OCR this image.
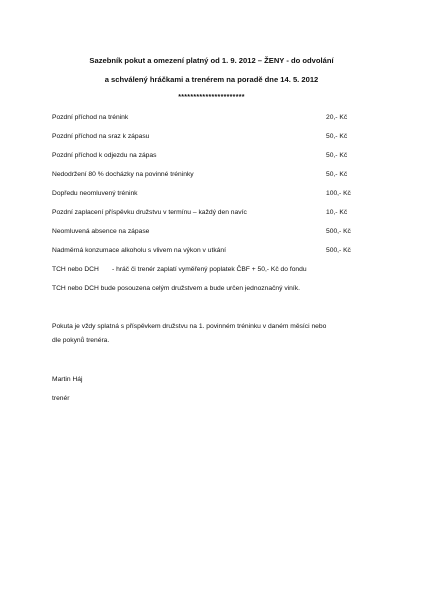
Sazebník pokut a omezení platný od 1. 9. 2012 – ŽENY - do odvolání
a schválený hráčkami a trenérem na poradě dne 14. 5. 2012
**********************
Pozdní příchod na trénink	20,- Kč
Pozdní příchod na sraz k zápasu	50,- Kč
Pozdní příchod k odjezdu na zápas	50,- Kč
Nedodržení 80 % docházky na povinné tréninky	50,- Kč
Dopředu neomluvený trénink	100,- Kč
Pozdní zaplacení příspěvku družstvu v termínu – každý den navíc	10,- Kč
Neomluvená absence na zápase	500,- Kč
Nadměrná konzumace alkoholu s vlivem na výkon v utkání	500,- Kč
TCH nebo DCH - hráč či trenér zaplatí vyměřený poplatek ČBF + 50,- Kč do fondu
TCH nebo DCH bude posouzena celým družstvem a bude určen jednoznačný viník.
Pokuta je vždy splatná s příspěvkem družstvu na 1. povinném tréninku v daném měsíci nebo
dle pokynů trenéra.
Martin Háj
trenér
